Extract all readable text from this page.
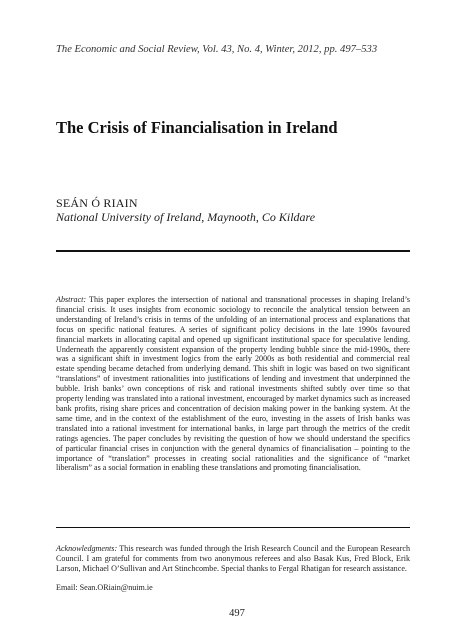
The Economic and Social Review, Vol. 43, No. 4, Winter, 2012, pp. 497–533
The Crisis of Financialisation in Ireland
SEÁN Ó RIAIN
National University of Ireland, Maynooth, Co Kildare

Abstract: This paper explores the intersection of national and transnational processes in shaping Ireland’s financial crisis. It uses insights from economic sociology to reconcile the analytical tension between an understanding of Ireland’s crisis in terms of the unfolding of an international process and explanations that focus on specific national features. A series of significant policy decisions in the late 1990s favoured financial markets in allocating capital and opened up significant institutional space for speculative lending. Underneath the apparently consistent expansion of the property lending bubble since the mid-1990s, there was a significant shift in investment logics from the early 2000s as both residential and commercial real estate spending became detached from underlying demand. This shift in logic was based on two significant “translations” of investment rationalities into justifications of lending and investment that underpinned the bubble. Irish banks’ own conceptions of risk and rational investments shifted subtly over time so that property lending was translated into a rational investment, encouraged by market dynamics such as increased bank profits, rising share prices and concentration of decision making power in the banking system. At the same time, and in the context of the establishment of the euro, investing in the assets of Irish banks was translated into a rational investment for international banks, in large part through the metrics of the credit ratings agencies. The paper concludes by revisiting the question of how we should understand the specifics of particular financial crises in conjunction with the general dynamics of financialisation – pointing to the importance of “translation” processes in creating social rationalities and the significance of “market liberalism” as a social formation in enabling these translations and promoting financialisation.

Acknowledgments: This research was funded through the Irish Research Council and the European Research Council. I am grateful for comments from two anonymous referees and also Basak Kus, Fred Block, Erik Larson, Michael O’Sullivan and Art Stinchcombe. Special thanks to Fergal Rhatigan for research assistance.

Email: Sean.ORiain@nuim.ie
497
